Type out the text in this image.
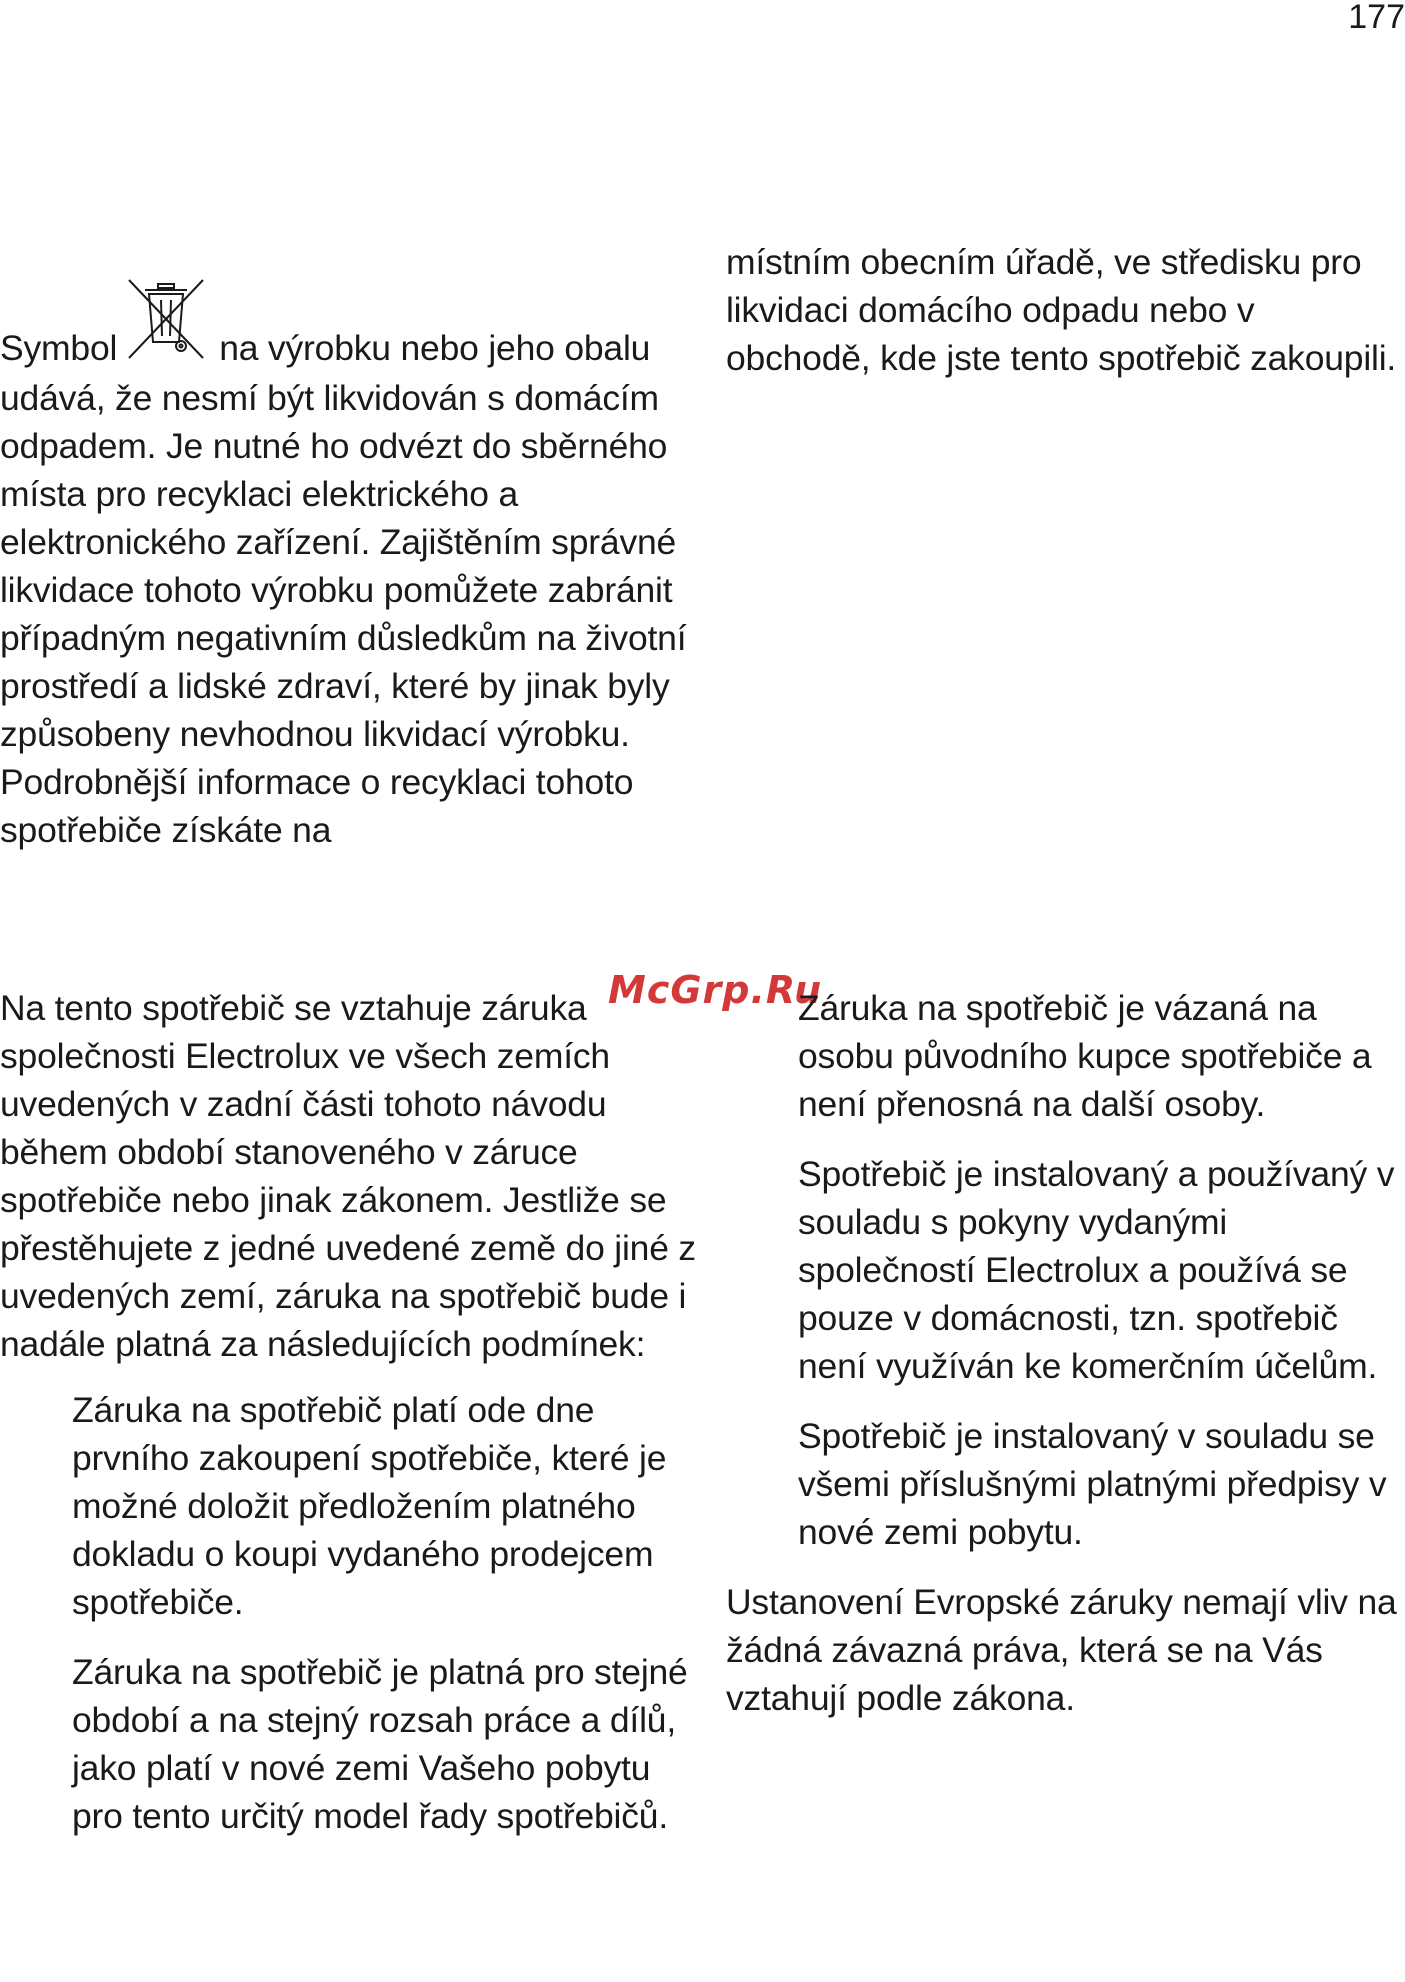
177

Symbol	na výrobku nebo jeho obalu udává, že nesmí být likvidován s domácím odpadem. Je nutné ho odvézt do sběrného místa pro recyklaci elektrického a elektronického zařízení. Zajištěním správné likvidace tohoto výrobku pomůžete zabránit případným negativním důsledkům na životní prostředí a lidské zdraví, které by jinak byly způsobeny nevhodnou likvidací výrobku. Podrobnější informace o recyklaci tohoto spotřebiče získáte na

místním obecním úřadě, ve středisku pro likvidaci domácího odpadu nebo v obchodě, kde jste tento spotřebič zakoupili.

McGrp.Ru

Na tento spotřebič se vztahuje záruka společnosti Electrolux ve všech zemích uvedených v zadní části tohoto návodu během období stanoveného v záruce spotřebiče nebo jinak zákonem. Jestliže se přestěhujete z jedné uvedené země do jiné z uvedených zemí, záruka na spotřebič bude i nadále platná za následujících podmínek:

Záruka na spotřebič platí ode dne prvního zakoupení spotřebiče, které je možné doložit předložením platného dokladu o koupi vydaného prodejcem spotřebiče.

Záruka na spotřebič je platná pro stejné období a na stejný rozsah práce a dílů, jako platí v nové zemi Vašeho pobytu pro tento určitý model řady spotřebičů.

Záruka na spotřebič je vázaná na osobu původního kupce spotřebiče a není přenosná na další osoby.

Spotřebič je instalovaný a používaný v souladu s pokyny vydanými společností Electrolux a používá se pouze v domácnosti, tzn. spotřebič není využíván ke komerčním účelům.

Spotřebič je instalovaný v souladu se všemi příslušnými platnými předpisy v nové zemi pobytu.

Ustanovení Evropské záruky nemají vliv na žádná závazná práva, která se na Vás vztahují podle zákona.
